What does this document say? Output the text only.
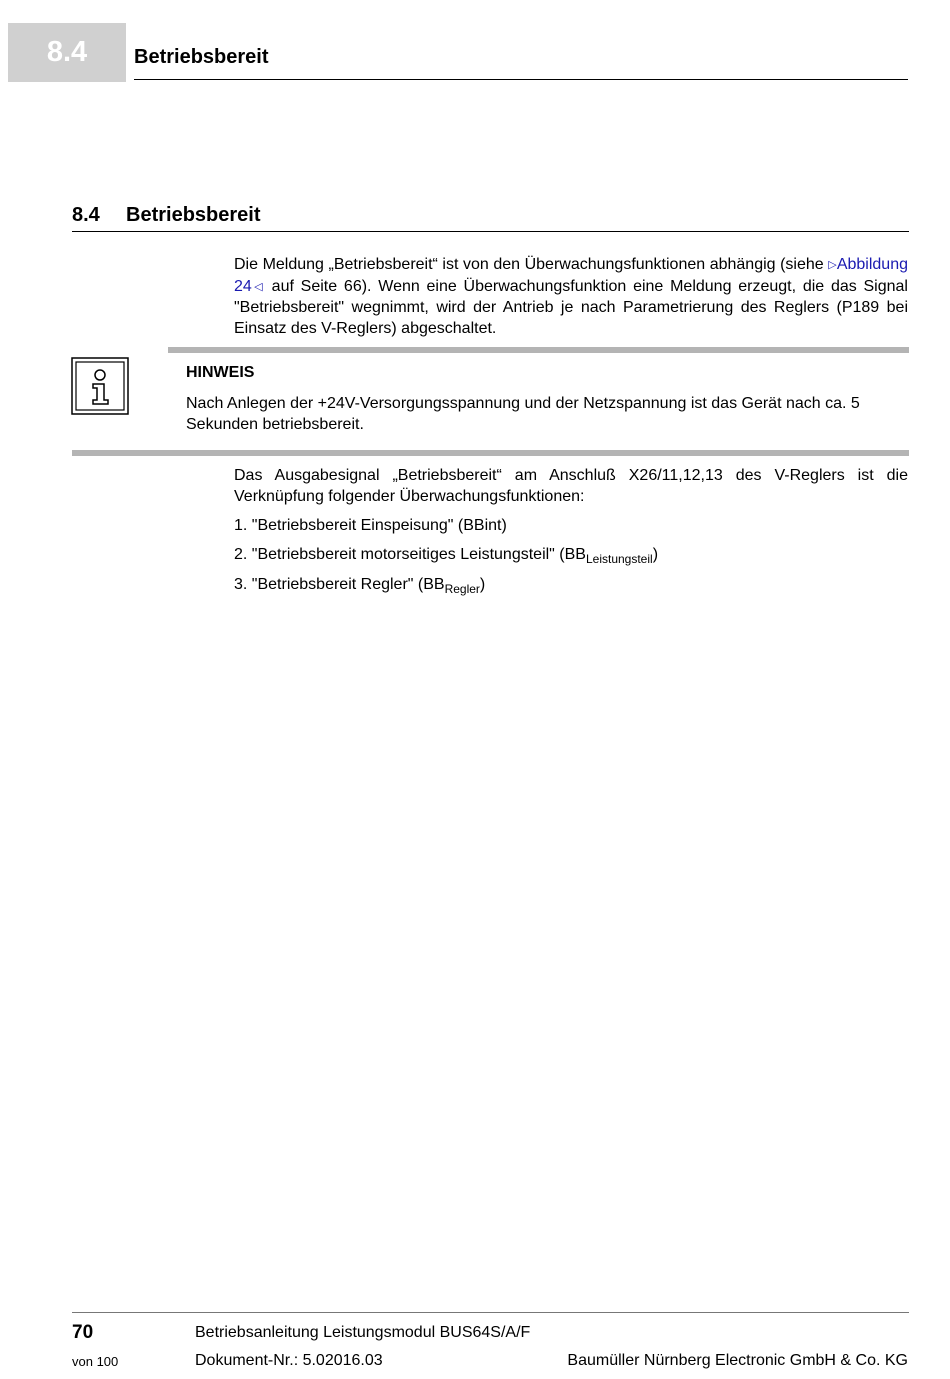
8.4	Betriebsbereit
8.4 Betriebsbereit
Die Meldung „Betriebsbereit“ ist von den Überwachungsfunktionen abhängig (siehe ▷Abbildung 24◁ auf Seite 66). Wenn eine Überwachungsfunktion eine Meldung erzeugt, die das Signal "Betriebsbereit" wegnimmt, wird der Antrieb je nach Parametrierung des Reglers (P189 bei Einsatz des V-Reglers) abgeschaltet.
HINWEIS
Nach Anlegen der +24V-Versorgungsspannung und der Netzspannung ist das Gerät nach ca. 5 Sekunden betriebsbereit.
Das Ausgabesignal „Betriebsbereit“ am Anschluß X26/11,12,13 des V-Reglers ist die Verknüpfung folgender Überwachungsfunktionen:
1. "Betriebsbereit Einspeisung" (BBint)
2. "Betriebsbereit motorseitiges Leistungsteil" $(BB_{Leistungsteil})$
3. "Betriebsbereit Regler" $(BB_{Regler})$
70
von 100
Betriebsanleitung Leistungsmodul BUS64S/A/F
Dokument-Nr.: 5.02016.03	Baumüller Nürnberg Electronic GmbH & Co. KG
